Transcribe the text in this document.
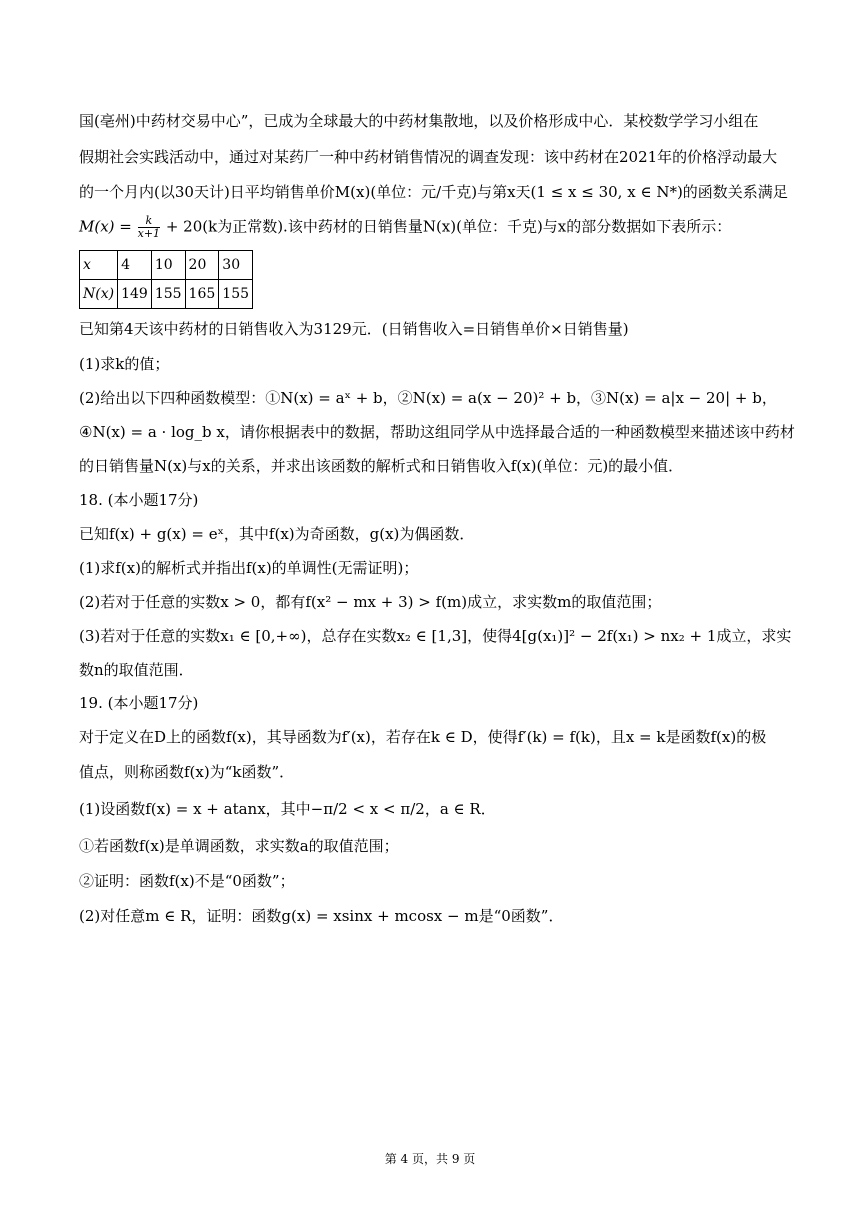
国(亳州)中药材交易中心”，已成为全球最大的中药材集散地，以及价格形成中心．某校数学学习小组在
假期社会实践活动中，通过对某药厂一种中药材销售情况的调查发现：该中药材在2021年的价格浮动最大
的一个月内(以30天计)日平均销售单价M(x)(单位：元/千克)与第x天(1 ≤ x ≤ 30, x ∈ N*)的函数关系满足
$M(x) = \frac{k}{x+1} + 20(k$为正常数).该中药材的日销售量N(x)(单位：千克)与x的部分数据如下表所示：
x	4	10	20	30
N(x)	149	155	165	155
已知第4天该中药材的日销售收入为3129元．(日销售收入=日销售单价×日销售量)
(1)求k的值；
(2)给出以下四种函数模型：①N(x) = aˣ + b，②N(x) = a(x − 20)² + b，③N(x) = a|x − 20| + b，
④N(x) = a · log_b x，请你根据表中的数据，帮助这组同学从中选择最合适的一种函数模型来描述该中药材
的日销售量N(x)与x的关系，并求出该函数的解析式和日销售收入f(x)(单位：元)的最小值．
18. (本小题17分)
已知f(x) + g(x) = eˣ，其中f(x)为奇函数，g(x)为偶函数．
(1)求f(x)的解析式并指出f(x)的单调性(无需证明)；
(2)若对于任意的实数x > 0，都有f(x² − mx + 3) > f(m)成立，求实数m的取值范围；
(3)若对于任意的实数x₁ ∈ [0,+∞)，总存在实数x₂ ∈ [1,3]，使得4[g(x₁)]² − 2f(x₁) > nx₂ + 1成立，求实
数n的取值范围．
19. (本小题17分)
对于定义在D上的函数f(x)，其导函数为f′(x)，若存在k ∈ D，使得f′(k) = f(k)，且x = k是函数f(x)的极
值点，则称函数f(x)为“k函数”．
(1)设函数f(x) = x + atanx，其中−π/2 < x < π/2，a ∈ R．
①若函数f(x)是单调函数，求实数a的取值范围；
②证明：函数f(x)不是“0函数”；
(2)对任意m ∈ R，证明：函数g(x) = xsinx + mcosx − m是“0函数”．
第 4 页，共 9 页
